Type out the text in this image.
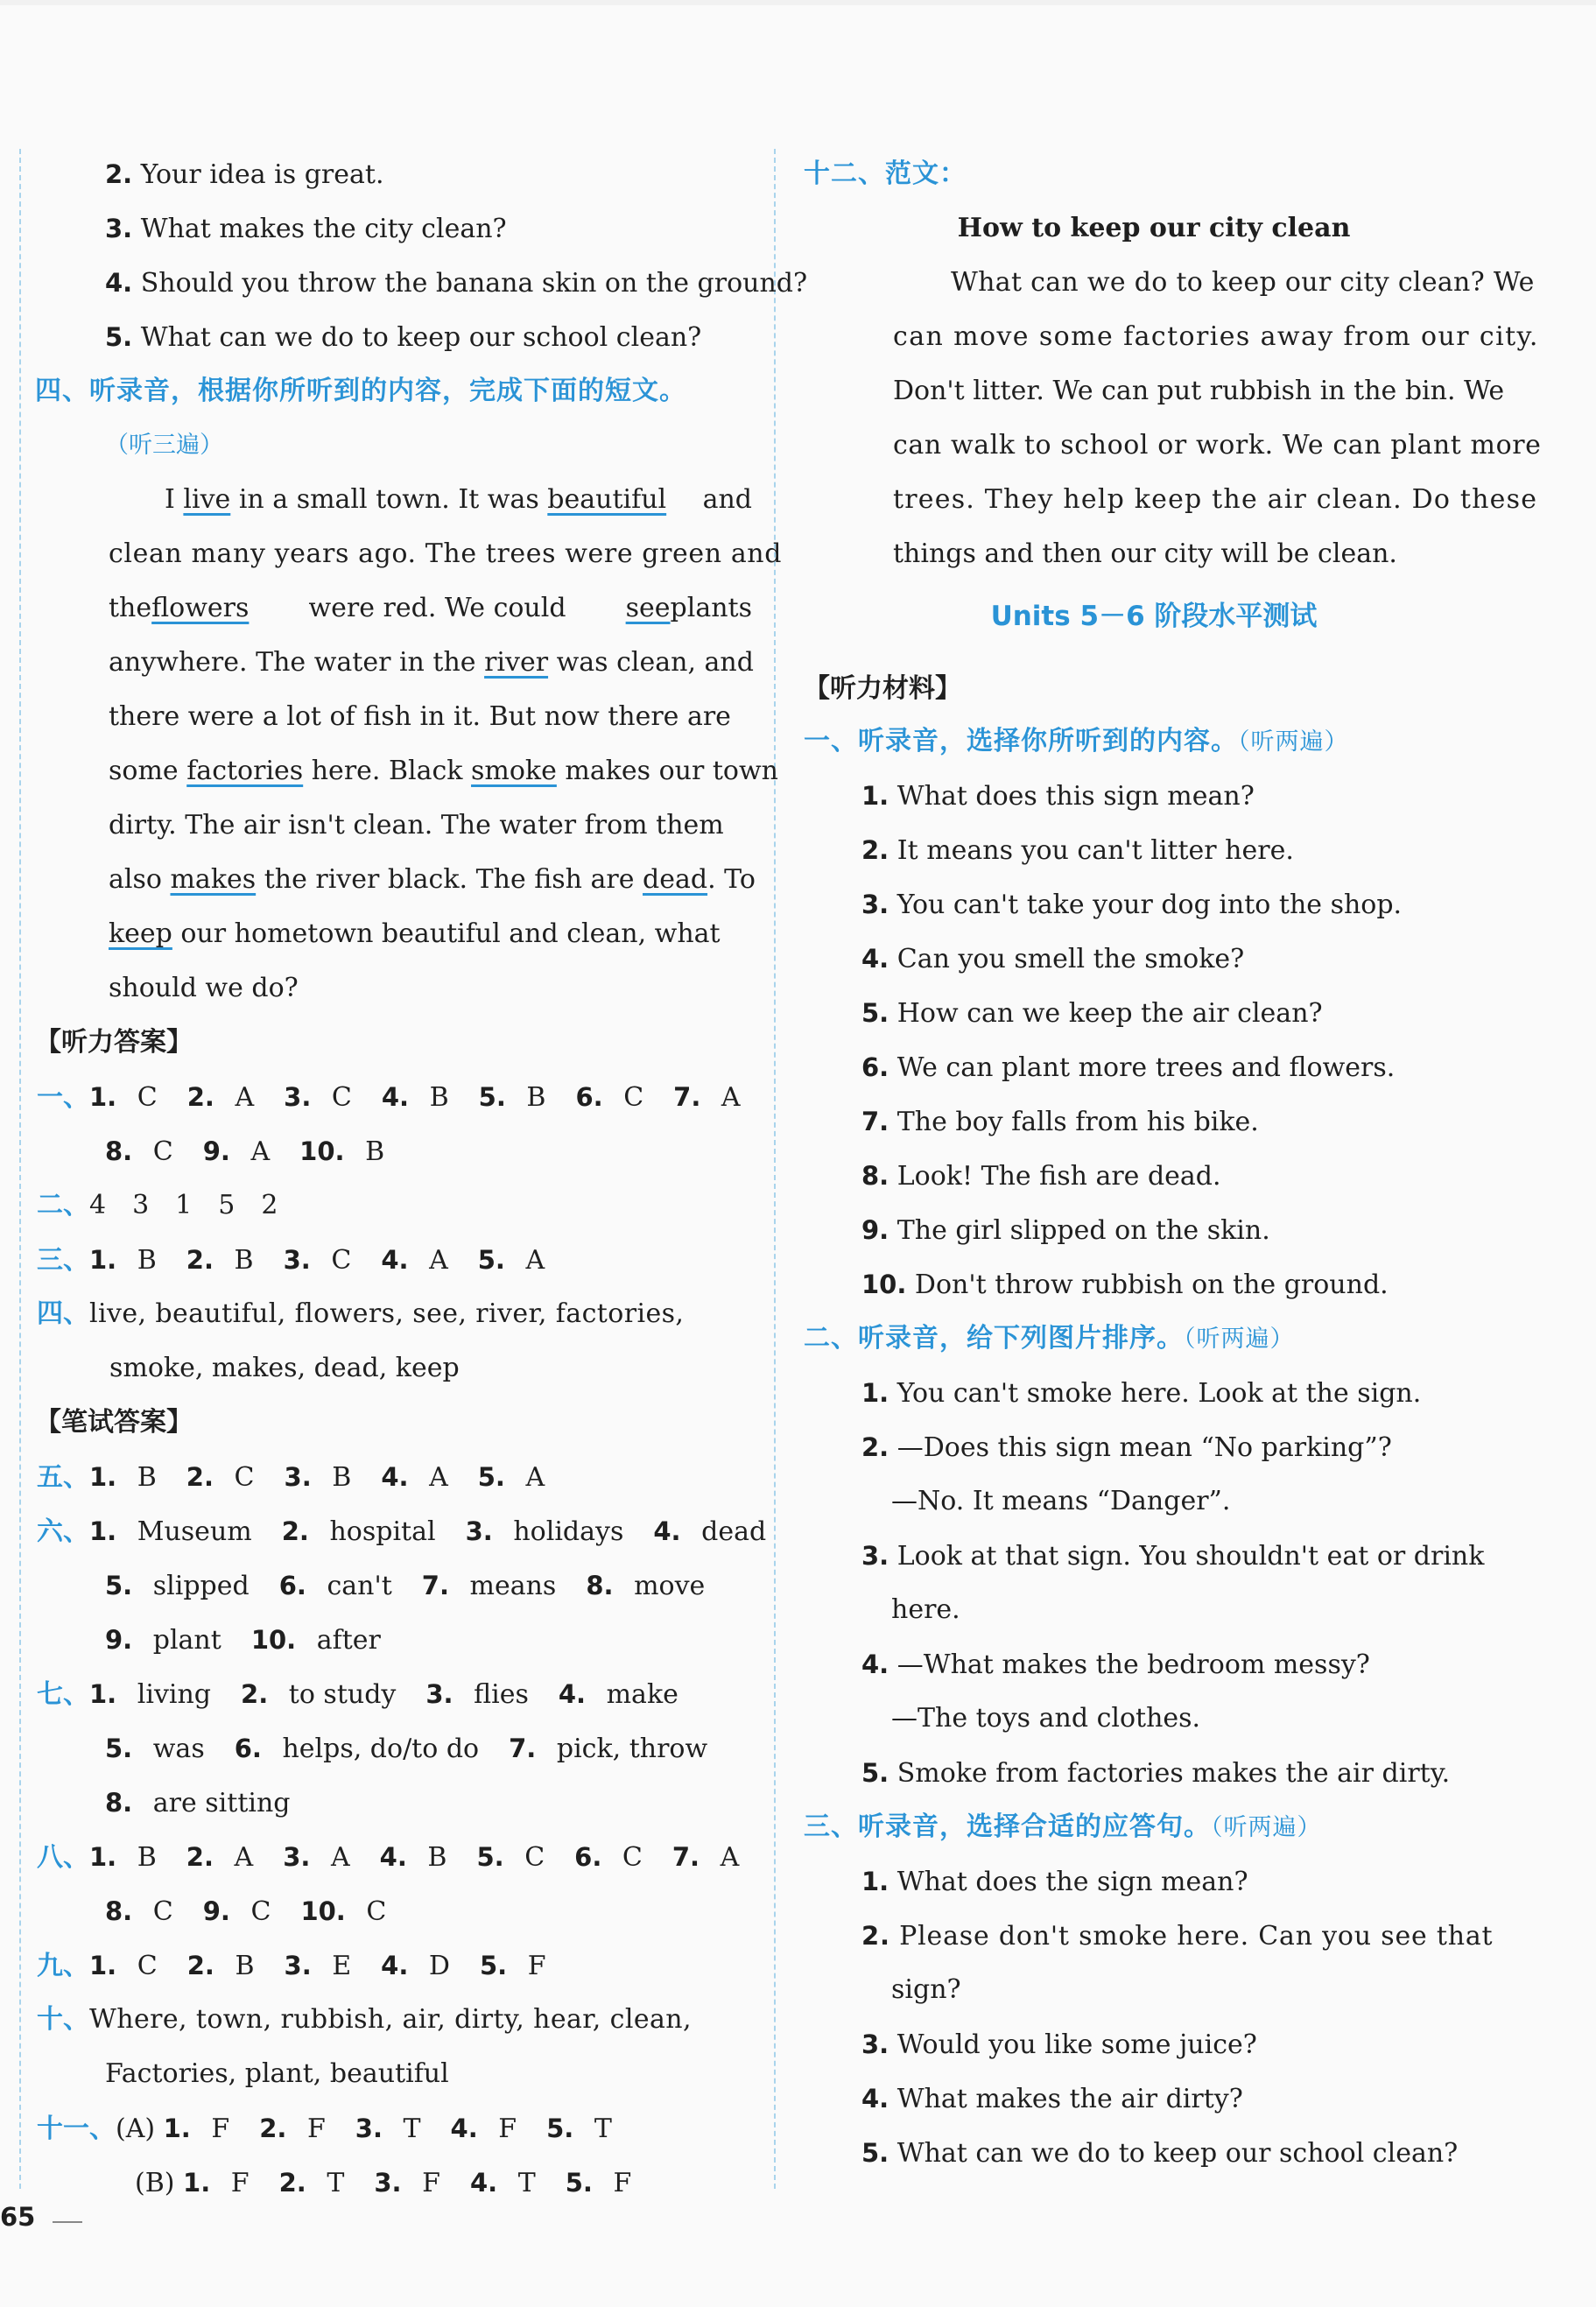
2. Your idea is great.
3. What makes the city clean?
4. Should you throw the banana skin on the ground?
5. What can we do to keep our school clean?
四、听录音，根据你所听到的内容，完成下面的短文。
（听三遍）
I live in a small town. It was beautiful and
clean many years ago. The trees were green and
the flowers	were red. We could	see plants
anywhere. The water in the river was clean, and
there were a lot of fish in it. But now there are
some factories here. Black smoke makes our town
dirty. The air isn't clean. The water from them
also makes the river black. The fish are dead. To
keep our hometown beautiful and clean, what
should we do?
【听力答案】
一、1. C 2. A 3. C 4. B 5. B 6. C 7. A
8. C 9. A 10. B
二、4　3　1　5　2
三、1. B 2. B 3. C 4. A 5. A
四、live, beautiful, flowers, see, river, factories,
smoke, makes, dead, keep
【笔试答案】
五、1. B 2. C 3. B 4. A 5. A
六、1. Museum 2. hospital 3. holidays 4. dead
5. slipped 6. can't 7. means 8. move
9. plant 10. after
七、1. living 2. to study 3. flies 4. make
5. was 6. helps, do/to do 7. pick, throw
8. are sitting
八、1. B 2. A 3. A 4. B 5. C 6. C 7. A
8. C 9. C 10. C
九、1. C 2. B 3. E 4. D 5. F
十、Where, town, rubbish, air, dirty, hear, clean,
Factories, plant, beautiful
十一、(A) 1. F 2. F 3. T 4. F 5. T
(B) 1. F 2. T 3. F 4. T 5. F
十二、范文：
How to keep our city clean
What can we do to keep our city clean? We
can move some factories away from our city.
Don't litter. We can put rubbish in the bin. We
can walk to school or work. We can plant more
trees. They help keep the air clean. Do these
things and then our city will be clean.
Units 5－6 阶段水平测试
【听力材料】
一、听录音，选择你所听到的内容。（听两遍）
1. What does this sign mean?
2. It means you can't litter here.
3. You can't take your dog into the shop.
4. Can you smell the smoke?
5. How can we keep the air clean?
6. We can plant more trees and flowers.
7. The boy falls from his bike.
8. Look! The fish are dead.
9. The girl slipped on the skin.
10. Don't throw rubbish on the ground.
二、听录音，给下列图片排序。（听两遍）
1. You can't smoke here. Look at the sign.
2. —Does this sign mean “No parking”?
—No. It means “Danger”.
3. Look at that sign. You shouldn't eat or drink
here.
4. —What makes the bedroom messy?
—The toys and clothes.
5. Smoke from factories makes the air dirty.
三、听录音，选择合适的应答句。（听两遍）
1. What does the sign mean?
2. Please don't smoke here. Can you see that
sign?
3. Would you like some juice?
4. What makes the air dirty?
5. What can we do to keep our school clean?
65
